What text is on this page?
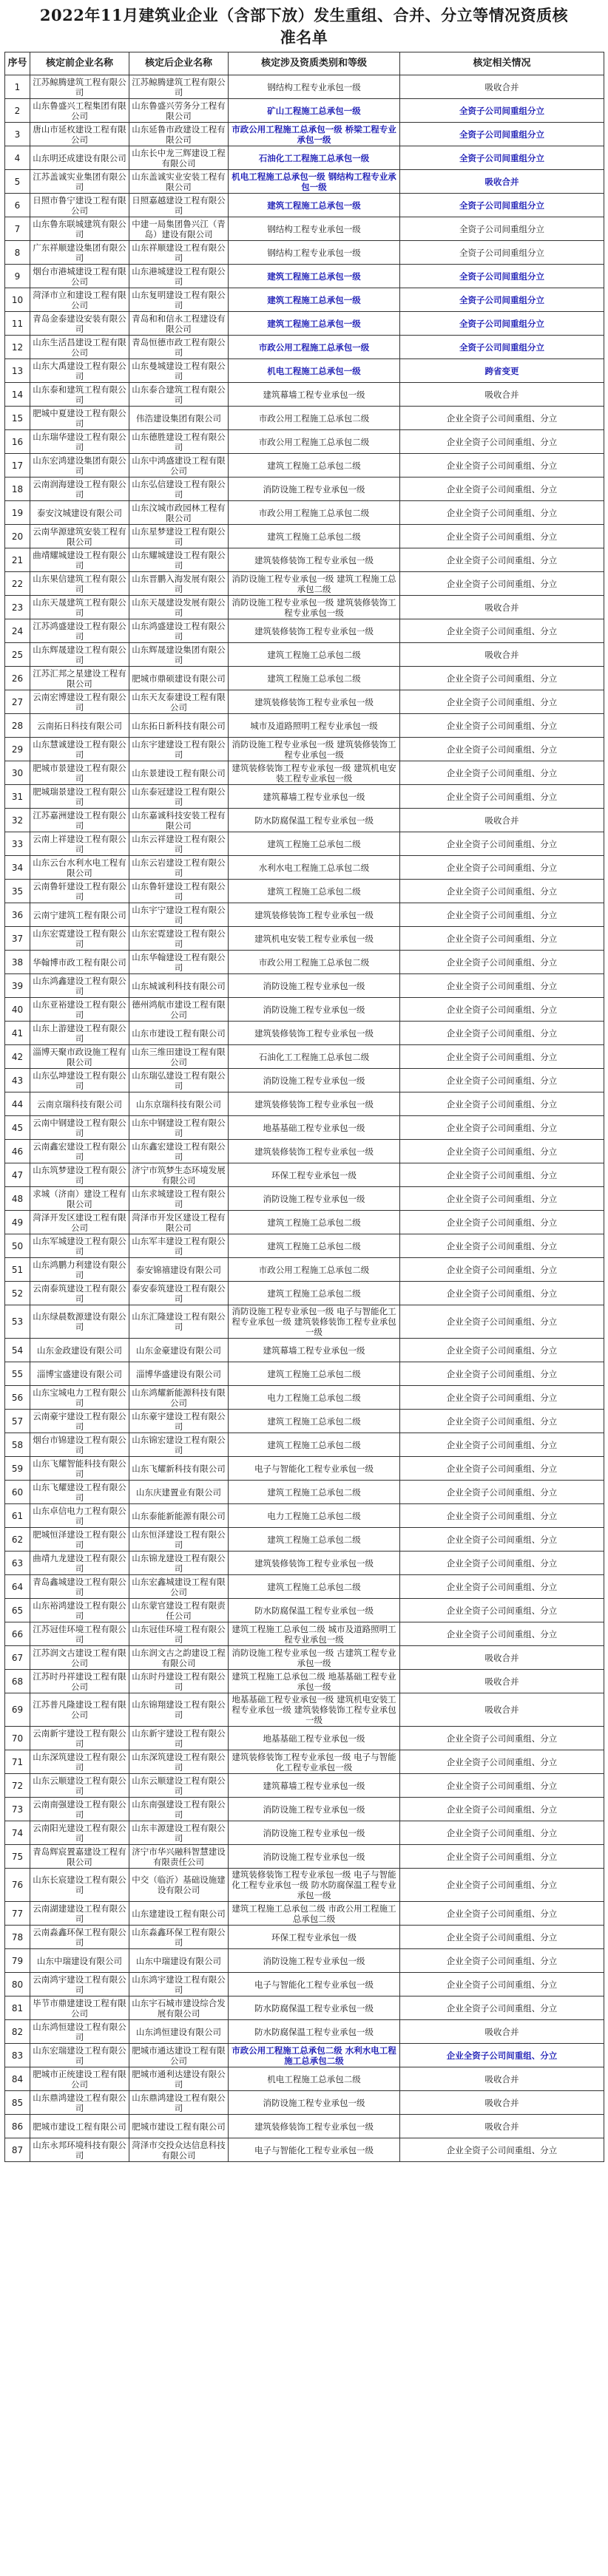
2022年11月建筑业企业（含部下放）发生重组、合并、分立等情况资质核准名单
序号	核定前企业名称	核定后企业名称	核定涉及资质类别和等级	核定相关情况
1	江苏鲸腾建筑工程有限公司	江苏鲸腾建筑工程有限公司	钢结构工程专业承包一级	吸收合并
2	山东鲁盛兴工程集团有限公司	山东鲁盛兴劳务分工程有限公司	矿山工程施工总承包一级	全资子公司间重组分立
3	唐山市延枚建设工程有限公司	山东延鲁市政建设工程有限公司	市政公用工程施工总承包一级 桥梁工程专业承包一级	全资子公司间重组分立
4	山东明还成建设有限公司	山东长中龙三辉建设工程有限公司	石油化工工程施工总承包一级	全资子公司间重组分立
5	江苏盖诚实业集团有限公司	山东盖诚实业安装工程有限公司	机电工程施工总承包一级 钢结构工程专业承包一级	吸收合并
6	日照市鲁宁建设工程有限公司	日照嘉越建设工程有限公司	建筑工程施工总承包一级	全资子公司间重组分立
7	山东鲁东联城建筑有限公司	中建一局集团鲁兴江（青岛）建设有限公司	钢结构工程专业承包一级	全资子公司间重组分立
8	广东祥顺建设集团有限公司	山东祥顺建设工程有限公司	钢结构工程专业承包一级	全资子公司间重组分立
9	烟台市港城建设工程有限公司	山东港城建设工程有限公司	建筑工程施工总承包一级	全资子公司间重组分立
10	菏泽市立和建设工程有限公司	山东复明建设工程有限公司	建筑工程施工总承包一级	全资子公司间重组分立
11	青岛金泰建设安装有限公司	青岛和和信永工程建设有限公司	建筑工程施工总承包一级	全资子公司间重组分立
12	山东生活昌建设工程有限公司	青岛恒德市政工程有限公司	市政公用工程施工总承包一级	全资子公司间重组分立
13	山东大禹建设工程有限公司	山东曼城建设工程有限公司	机电工程施工总承包一级	跨省变更
14	山东泰和建筑工程有限公司	山东泰合建筑工程有限公司	建筑幕墙工程专业承包一级	吸收合并
15	肥城中夏建设工程有限公司	伟浩建设集团有限公司	市政公用工程施工总承包二级	企业全资子公司间重组、分立
16	山东瑞华建设工程有限公司	山东德胜建设工程有限公司	市政公用工程施工总承包二级	企业全资子公司间重组、分立
17	山东宏鸿建设集团有限公司	山东中鸿盛建设工程有限公司	建筑工程施工总承包二级	企业全资子公司间重组、分立
18	云南润海建设工程有限公司	山东弘信建设工程有限公司	消防设施工程专业承包一级	企业全资子公司间重组、分立
19	泰安汶城建设有限公司	山东汶城市政园林工程有限公司	市政公用工程施工总承包二级	企业全资子公司间重组、分立
20	云南华源建筑安装工程有限公司	山东星梦建设工程有限公司	建筑工程施工总承包二级	企业全资子公司间重组、分立
21	曲靖耀城建设工程有限公司	山东耀城建设工程有限公司	建筑装修装饰工程专业承包一级	企业全资子公司间重组、分立
22	山东果信建筑工程有限公司	山东晋鹏入海发展有限公司	消防设施工程专业承包一级 建筑工程施工总承包二级	企业全资子公司间重组、分立
23	山东天晟建筑工程有限公司	山东天晟建设发展有限公司	消防设施工程专业承包一级 建筑装修装饰工程专业承包一级	吸收合并
24	江苏鸿盛建设工程有限公司	山东鸿盛建设工程有限公司	建筑装修装饰工程专业承包一级	企业全资子公司间重组、分立
25	山东辉晟建设工程有限公司	山东辉晟建设集团有限公司	建筑工程施工总承包二级	吸收合并
26	江苏汇邦之星建设工程有限公司	肥城市鼎硕建设有限公司	建筑工程施工总承包二级	企业全资子公司间重组、分立
27	云南宏博建设工程有限公司	山东天友泰建设工程有限公司	建筑装修装饰工程专业承包一级	企业全资子公司间重组、分立
28	云南拓日科技有限公司	山东拓日新科技有限公司	城市及道路照明工程专业承包一级	企业全资子公司间重组、分立
29	山东慧诚建设工程有限公司	山东宇建建设工程有限公司	消防设施工程专业承包一级 建筑装修装饰工程专业承包一级	企业全资子公司间重组、分立
30	肥城市景建设工程有限公司	山东景建设工程有限公司	建筑装修装饰工程专业承包一级 建筑机电安装工程专业承包一级	企业全资子公司间重组、分立
31	肥城瑞景建设工程有限公司	山东泰冠建设工程有限公司	建筑幕墙工程专业承包一级	企业全资子公司间重组、分立
32	江苏嘉洲建设工程有限公司	山东嘉诚科技安装工程有限公司	防水防腐保温工程专业承包一级	吸收合并
33	云南上祥建设工程有限公司	山东云祥建设工程有限公司	建筑工程施工总承包二级	企业全资子公司间重组、分立
34	山东云台水利水电工程有限公司	山东云岩建设工程有限公司	水利水电工程施工总承包二级	企业全资子公司间重组、分立
35	云南鲁轩建设工程有限公司	山东鲁轩建设工程有限公司	建筑工程施工总承包二级	企业全资子公司间重组、分立
36	云南宁建筑工程有限公司	山东宇宁建设工程有限公司	建筑装修装饰工程专业承包一级	企业全资子公司间重组、分立
37	山东宏霓建设工程有限公司	山东宏霓建设工程有限公司	建筑机电安装工程专业承包一级	企业全资子公司间重组、分立
38	华翰博市政工程有限公司	山东华翰建设工程有限公司	市政公用工程施工总承包二级	企业全资子公司间重组、分立
39	山东鸿鑫建设工程有限公司	山东城诚利科技有限公司	消防设施工程专业承包一级	企业全资子公司间重组、分立
40	山东亚裕建设工程有限公司	德州鸿航市建设工程有限公司	消防设施工程专业承包一级	企业全资子公司间重组、分立
41	山东上游建设工程有限公司	山东市建设工程有限公司	建筑装修装饰工程专业承包一级	企业全资子公司间重组、分立
42	淄博天聚市政设施工程有限公司	山东三维田建设工程有限公司	石油化工工程施工总承包二级	企业全资子公司间重组、分立
43	山东弘坤建设工程有限公司	山东瑞弘建设工程有限公司	消防设施工程专业承包一级	企业全资子公司间重组、分立
44	云南京瑞科技有限公司	山东京瑞科技有限公司	建筑装修装饰工程专业承包一级	企业全资子公司间重组、分立
45	云南中钢建设工程有限公司	山东中钢建设工程有限公司	地基基础工程专业承包一级	企业全资子公司间重组、分立
46	云南鑫宏建设工程有限公司	山东鑫宏建设工程有限公司	建筑装修装饰工程专业承包一级	企业全资子公司间重组、分立
47	山东筑梦建设工程有限公司	济宁市筑梦生态环境发展有限公司	环保工程专业承包一级	企业全资子公司间重组、分立
48	求城（济南）建设工程有限公司	山东求城建设工程有限公司	消防设施工程专业承包一级	企业全资子公司间重组、分立
49	菏泽开发区建设工程有限公司	菏泽市开发区建设工程有限公司	建筑工程施工总承包二级	企业全资子公司间重组、分立
50	山东军城建设工程有限公司	山东军丰建设工程有限公司	建筑工程施工总承包二级	企业全资子公司间重组、分立
51	山东鸿鹏力利建设有限公司	泰安锦禧建设有限公司	市政公用工程施工总承包二级	企业全资子公司间重组、分立
52	云南泰筑建设工程有限公司	泰安泰筑建设工程有限公司	建筑工程施工总承包二级	企业全资子公司间重组、分立
53	山东绿晨数源建设有限公司	山东汇隆建设工程有限公司	消防设施工程专业承包一级 电子与智能化工程专业承包一级 建筑装修装饰工程专业承包一级	企业全资子公司间重组、分立
54	山东金政建设有限公司	山东金豪建设有限公司	建筑幕墙工程专业承包一级	企业全资子公司间重组、分立
55	淄博宝盛建设有限公司	淄博华盛建设有限公司	建筑工程施工总承包二级	企业全资子公司间重组、分立
56	山东宝城电力工程有限公司	山东鸿耀新能源科技有限公司	电力工程施工总承包二级	企业全资子公司间重组、分立
57	云南豪宇建设工程有限公司	山东豪宇建设工程有限公司	建筑工程施工总承包二级	企业全资子公司间重组、分立
58	烟台市锦建设工程有限公司	山东锦宏建设工程有限公司	建筑工程施工总承包二级	企业全资子公司间重组、分立
59	山东飞耀智能科技有限公司	山东飞耀新科技有限公司	电子与智能化工程专业承包一级	企业全资子公司间重组、分立
60	山东飞耀建设工程有限公司	山东庆建置业有限公司	建筑工程施工总承包二级	企业全资子公司间重组、分立
61	山东卓信电力工程有限公司	山东泰能新能源有限公司	电力工程施工总承包二级	企业全资子公司间重组、分立
62	肥城恒泽建设工程有限公司	山东恒泽建设工程有限公司	建筑工程施工总承包二级	企业全资子公司间重组、分立
63	曲靖九龙建设工程有限公司	山东锦龙建设工程有限公司	建筑装修装饰工程专业承包一级	企业全资子公司间重组、分立
64	青岛鑫城建设工程有限公司	山东宏鑫城建设工程有限公司	建筑工程施工总承包二级	企业全资子公司间重组、分立
65	山东裕鸿建设工程有限公司	山东蒙官建设工程有限责任公司	防水防腐保温工程专业承包一级	企业全资子公司间重组、分立
66	江苏冠佳环境工程有限公司	山东冠佳环境工程有限公司	建筑工程施工总承包二级 城市及道路照明工程专业承包一级	企业全资子公司间重组、分立
67	江苏润文古建设工程有限公司	山东润文古之韵建设工程有限公司	消防设施工程专业承包一级 古建筑工程专业承包一级	吸收合并
68	江苏时丹祥建设工程有限公司	山东时丹建设工程有限公司	建筑工程施工总承包二级 地基基础工程专业承包一级	吸收合并
69	江苏普凡隆建设工程有限公司	山东锦翔建设工程有限公司	地基基础工程专业承包一级 建筑机电安装工程专业承包一级 建筑装修装饰工程专业承包一级	吸收合并
70	云南新宇建设工程有限公司	山东新宇建设工程有限公司	地基基础工程专业承包一级	企业全资子公司间重组、分立
71	山东深筑建设工程有限公司	山东深筑建设工程有限公司	建筑装修装饰工程专业承包一级 电子与智能化工程专业承包一级	企业全资子公司间重组、分立
72	山东云顺建设工程有限公司	山东云顺建设工程有限公司	建筑幕墙工程专业承包一级	企业全资子公司间重组、分立
73	云南南强建设工程有限公司	山东南强建设工程有限公司	消防设施工程专业承包一级	企业全资子公司间重组、分立
74	云南阳光建设工程有限公司	山东丰源建设工程有限公司	消防设施工程专业承包一级	企业全资子公司间重组、分立
75	青岛辉宸置嘉建设工程有限公司	济宁市华兴融科智慧建设有限责任公司	消防设施工程专业承包一级	企业全资子公司间重组、分立
76	山东长宸建设工程有限公司	中交（临沂）基础设施建设有限公司	建筑装修装饰工程专业承包一级 电子与智能化工程专业承包一级 防水防腐保温工程专业承包一级	企业全资子公司间重组、分立
77	云南湖建建设工程有限公司	山东建建设工程有限公司	建筑工程施工总承包二级 市政公用工程施工总承包二级	企业全资子公司间重组、分立
78	云南淼鑫环保工程有限公司	山东淼鑫环保工程有限公司	环保工程专业承包一级	企业全资子公司间重组、分立
79	山东中瑞建设有限公司	山东中瑞建设有限公司	消防设施工程专业承包一级	企业全资子公司间重组、分立
80	云南鸿宇建设工程有限公司	山东鸿宇建设工程有限公司	电子与智能化工程专业承包一级	企业全资子公司间重组、分立
81	毕节市鼎建建设工程有限公司	山东宇石城市建设综合发展有限公司	防水防腐保温工程专业承包一级	企业全资子公司间重组、分立
82	山东鸿恒建设工程有限公司	山东鸿恒建设有限公司	防水防腐保温工程专业承包一级	吸收合并
83	山东宏瑞建设工程有限公司	肥城市通达建设工程有限公司	市政公用工程施工总承包二级 水利水电工程施工总承包二级	企业全资子公司间重组、分立
84	肥城市正统建设工程有限公司	肥城市通利达建设有限公司	机电工程施工总承包二级	吸收合并
85	山东鼎鸿建设工程有限公司	山东鼎鸿建设工程有限公司	消防设施工程专业承包一级	吸收合并
86	肥城市建设工程有限公司	肥城市建设工程有限公司	建筑装修装饰工程专业承包一级	吸收合并
87	山东永邦环境科技有限公司	菏泽市交投众达信息科技有限公司	电子与智能化工程专业承包一级	企业全资子公司间重组、分立
